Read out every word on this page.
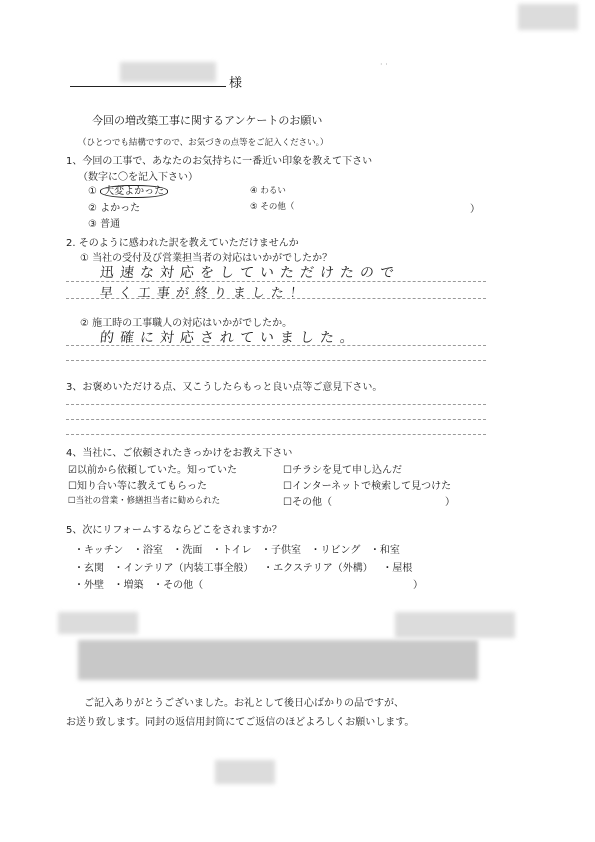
· ·
様
今回の増改築工事に関するアンケートのお願い
（ひとつでも結構ですので、お気づきの点等をご記入ください。）
1、今回の工事で、あなたのお気持ちに一番近い印象を教えて下さい
（数字に〇を記入下さい）
① 大変よかった	④ わるい
② よかった	⑤ その他（	）
③ 普通
2. そのように感われた訳を教えていただけませんか
① 当社の受付及び営業担当者の対応はいかがでしたか？
迅速な対応をしていただけたので
早く工事が終りました！
② 施工時の工事職人の対応はいかがでしたか。
的確に対応されていました。
3、お褒めいただける点、又こうしたらもっと良い点等ご意見下さい。
4、当社に、ご依頼されたきっかけをお教え下さい
☑以前から依頼していた。知っていた	☐チラシを見て申し込んだ
☐知り合い等に教えてもらった	☐インターネットで検索して見つけた
☐当社の営業・修繕担当者に勧められた	☐その他（	）
5、次にリフォームするならどこをされますか？
・キッチン ・浴室 ・洗面 ・トイレ ・子供室 ・リビング ・和室
・玄関 ・インテリア（内装工事全般） ・エクステリア（外構） ・屋根
・外壁 ・増築 ・その他（	）
ご記入ありがとうございました。お礼として後日心ばかりの品ですが、
お送り致します。同封の返信用封筒にてご返信のほどよろしくお願いします。
